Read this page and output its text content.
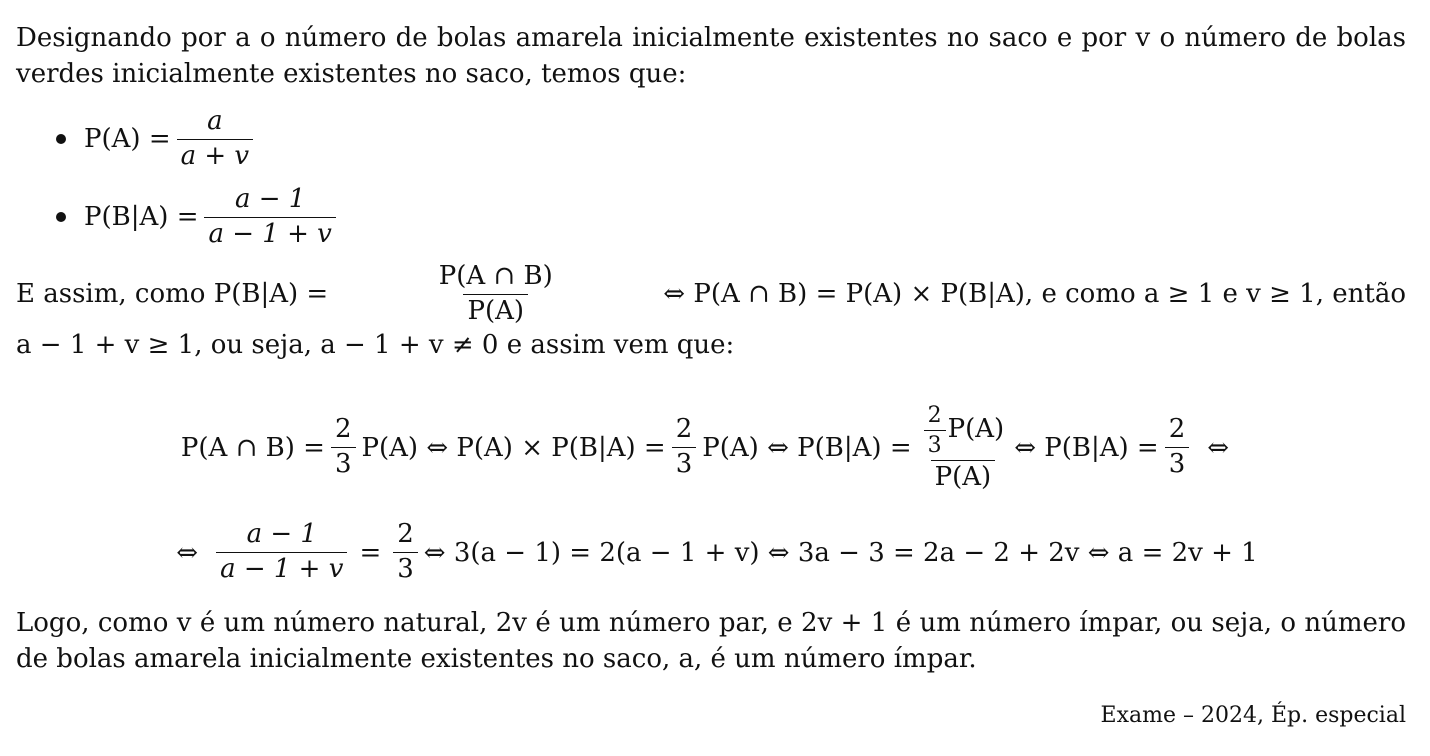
Designando por a o número de bolas amarela inicialmente existentes no saco e por v o número de bolas

verdes inicialmente existentes no saco, temos que:

$P(A) = \frac{a}{a + v}$
$P(B|A) = \frac{a - 1}{a - 1 + v}$

E assim, como P(B|A) =	$\frac{P(A \cap B)}{P(A)}$	⇔ P(A ∩ B) = P(A) × P(B|A), e como a ≥ 1 e v ≥ 1, então

a − 1 + v ≥ 1, ou seja, a − 1 + v ≠ 0 e assim vem que:

P(A ∩ $B) = \frac{2}{3} P(A)$ ⇔ $P(A) \times P(B|A) = \frac{2}{3} P(A)$ ⇔ $P(B|A) = \frac{\frac{2}{3} P(A)}{P(A)}$ ⇔ $P(B|A) = \frac{2}{3}$ ⇔
⇔ $\frac{a - 1}{a - 1 + v} = \frac{2}{3}$ ⇔ 3(a − 1) = 2(a − 1 + v) ⇔ 3a − 3 = 2a − 2 + 2v ⇔ a = 2v + 1

Logo, como v é um número natural, 2v é um número par, e 2v + 1 é um número ímpar, ou seja, o número

de bolas amarela inicialmente existentes no saco, a, é um número ímpar.

Exame – 2024, Ép. especial
